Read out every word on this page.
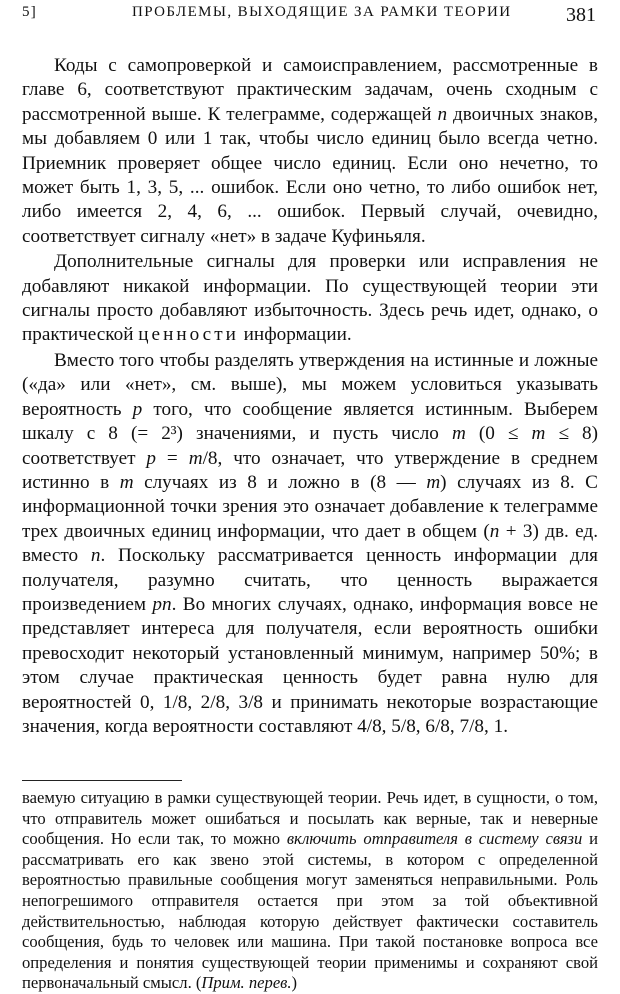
5]	ПРОБЛЕМЫ, ВЫХОДЯЩИЕ ЗА РАМКИ ТЕОРИИ	381

Коды с самопроверкой и самоисправлением, рассмотренные в главе 6, соответствуют практическим задачам, очень сходным с рассмотренной выше. К телеграмме, содержащей n двоичных знаков, мы добавляем 0 или 1 так, чтобы число единиц было всегда четно. Приемник проверяет общее число единиц. Если оно нечетно, то может быть 1, 3, 5, ... ошибок. Если оно четно, то либо ошибок нет, либо имеется 2, 4, 6, ... ошибок. Первый случай, очевидно, соответствует сигналу «нет» в задаче Куфиньяля.

Дополнительные сигналы для проверки или исправления не добавляют никакой информации. По существующей теории эти сигналы просто добавляют избыточность. Здесь речь идет, однако, о практической ценности информации.

Вместо того чтобы разделять утверждения на истинные и ложные («да» или «нет», см. выше), мы можем условиться указывать вероятность p того, что сообщение является истинным. Выберем шкалу с 8 (= 2³) значениями, и пусть число m (0 ≤ m ≤ 8) соответствует p = m/8, что означает, что утверждение в среднем истинно в m случаях из 8 и ложно в (8 — m) случаях из 8. С информационной точки зрения это означает добавление к телеграмме трех двоичных единиц информации, что дает в общем (n + 3) дв. ед. вместо n. Поскольку рассматривается ценность информации для получателя, разумно считать, что ценность выражается произведением pn. Во многих случаях, однако, информация вовсе не представляет интереса для получателя, если вероятность ошибки превосходит некоторый установленный минимум, например 50%; в этом случае практическая ценность будет равна нулю для вероятностей 0, 1/8, 2/8, 3/8 и принимать некоторые возрастающие значения, когда вероятности составляют 4/8, 5/8, 6/8, 7/8, 1.

ваемую ситуацию в рамки существующей теории. Речь идет, в сущности, о том, что отправитель может ошибаться и посылать как верные, так и неверные сообщения. Но если так, то можно включить отправителя в систему связи и рассматривать его как звено этой системы, в котором с определенной вероятностью правильные сообщения могут заменяться неправильными. Роль непогрешимого отправителя остается при этом за той объективной действительностью, наблюдая которую действует фактически составитель сообщения, будь то человек или машина. При такой постановке вопроса все определения и понятия существующей теории применимы и сохраняют свой первоначальный смысл. (Прим. перев.)
